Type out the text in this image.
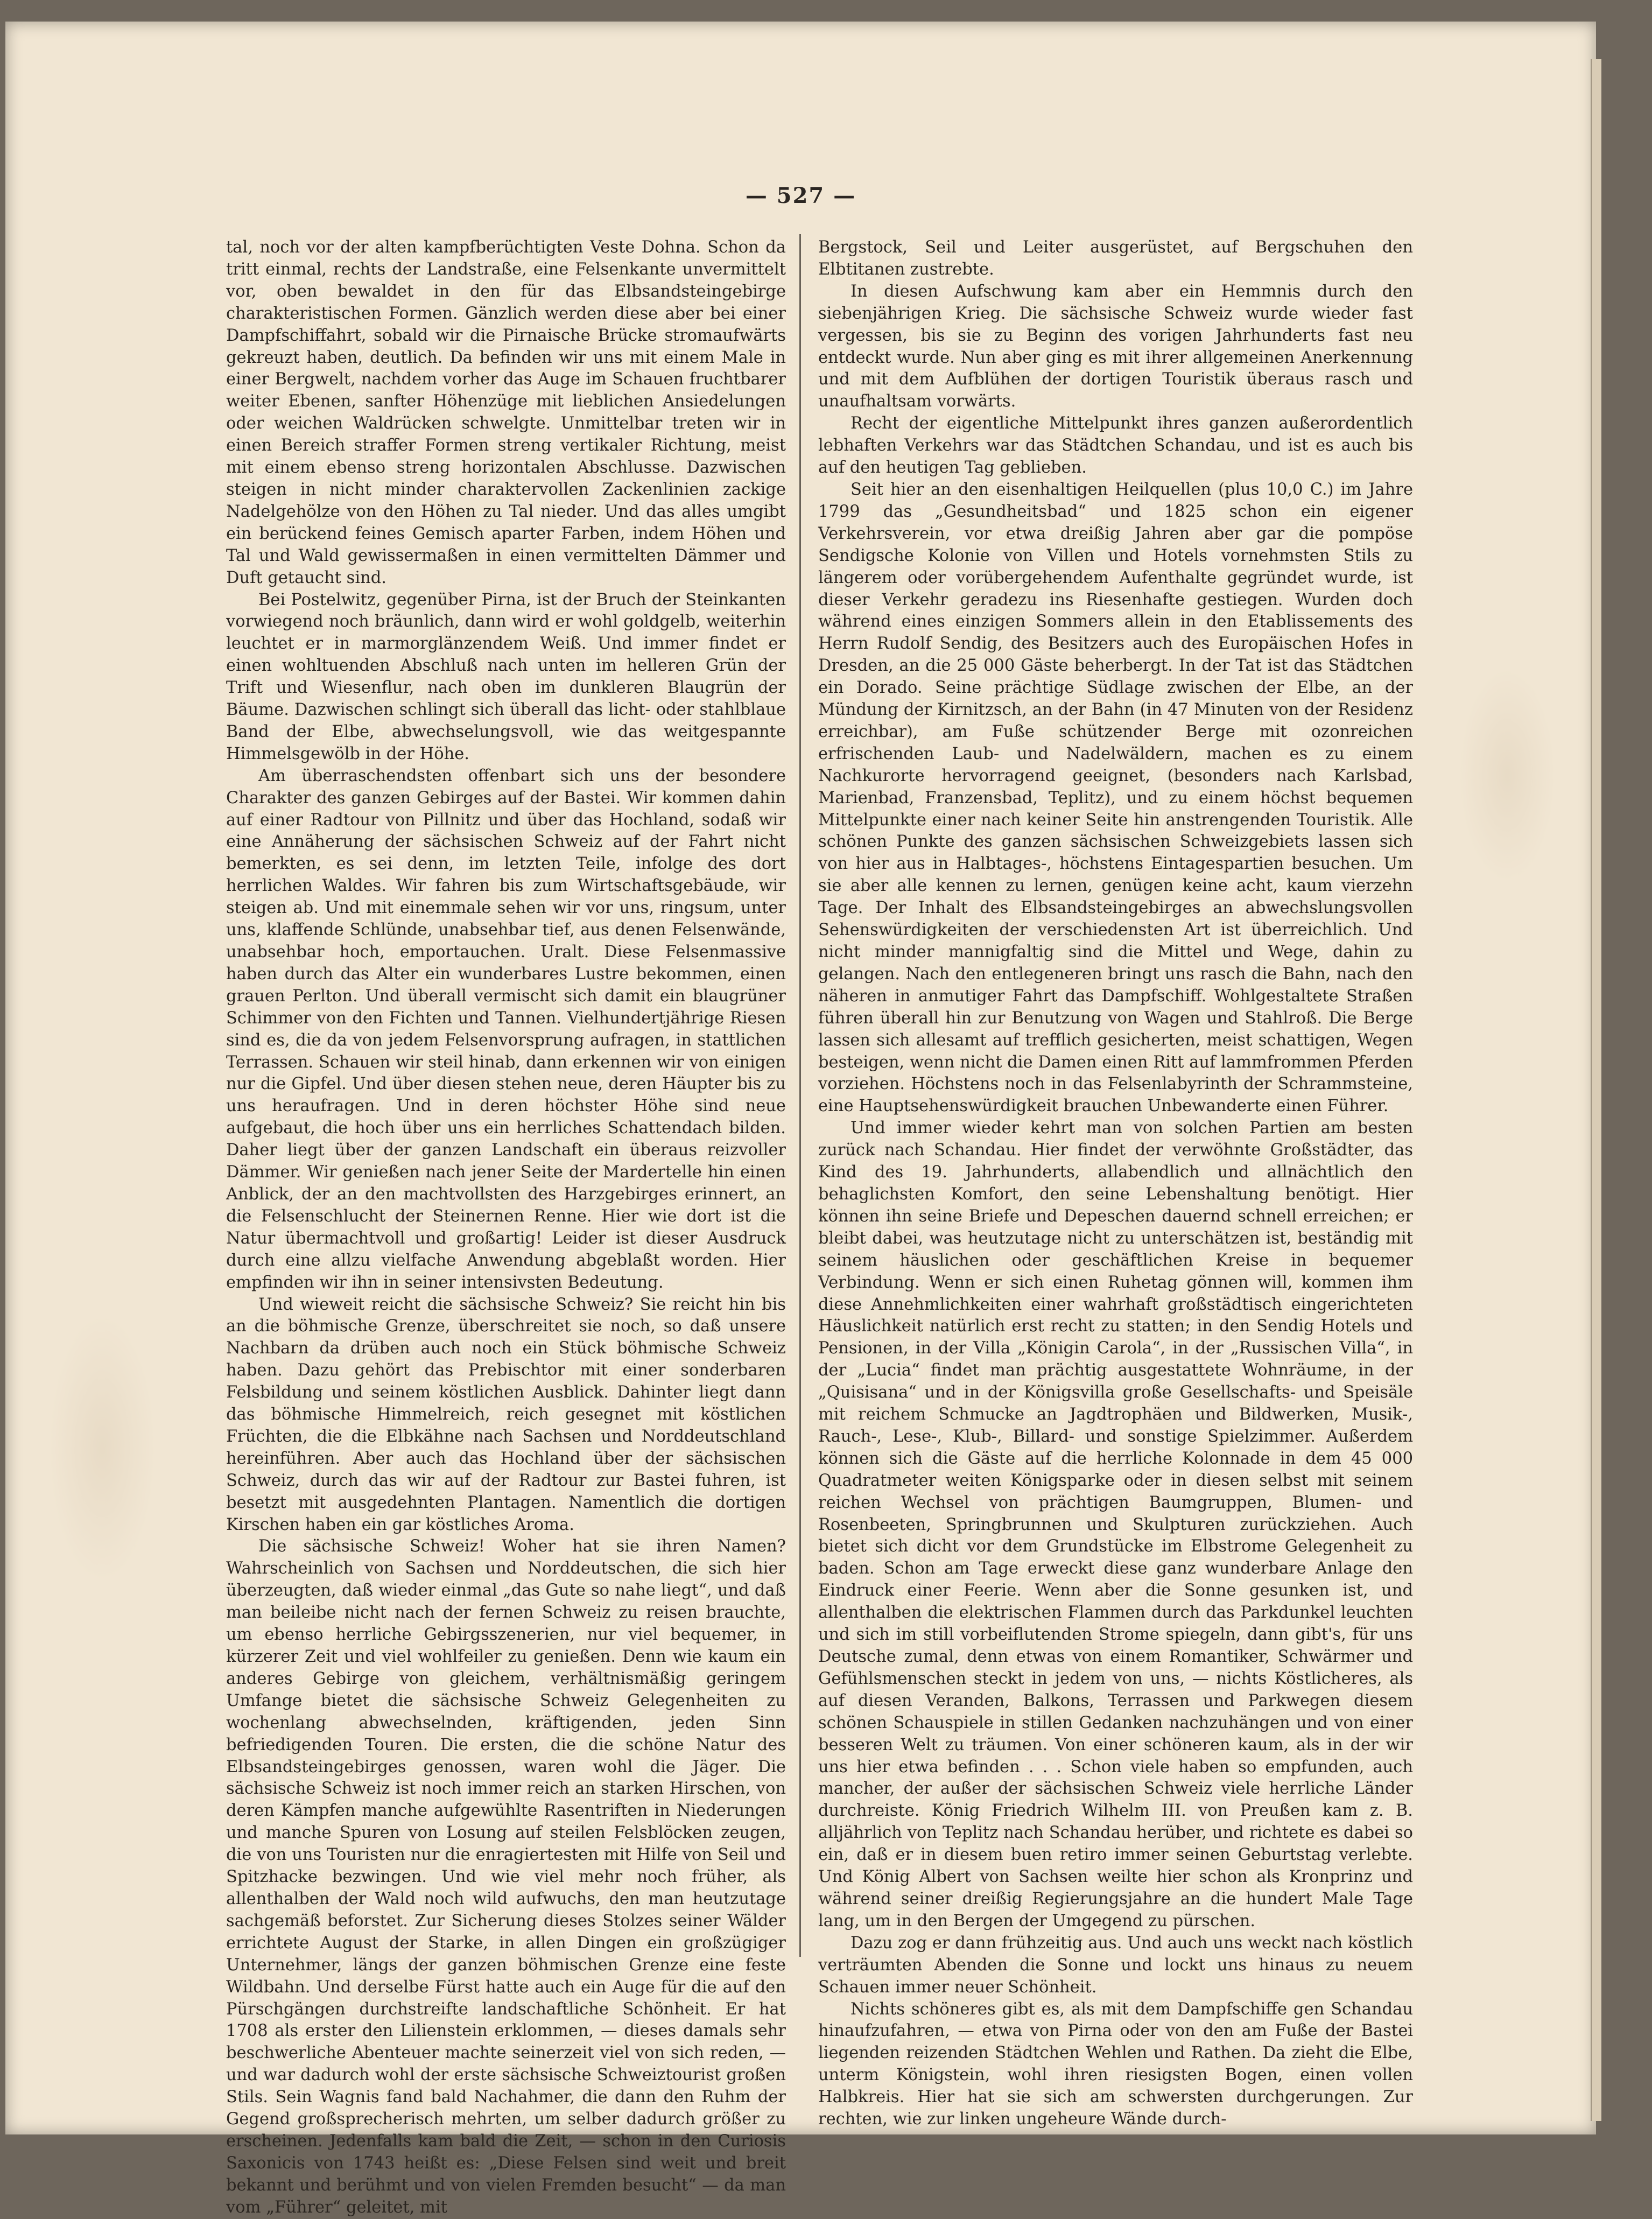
— 527 —

tal, noch vor der alten kampfberüchtigten Veste Dohna. Schon da tritt einmal, rechts der Landstraße, eine Felsenkante unvermittelt vor, oben bewaldet in den für das Elbsandsteingebirge charakteristischen Formen. Gänzlich werden diese aber bei einer Dampfschiffahrt, sobald wir die Pirnaische Brücke stromaufwärts gekreuzt haben, deutlich. Da befinden wir uns mit einem Male in einer Bergwelt, nachdem vorher das Auge im Schauen fruchtbarer weiter Ebenen, sanfter Höhenzüge mit lieblichen Ansiedelungen oder weichen Waldrücken schwelgte. Unmittelbar treten wir in einen Bereich straffer Formen streng vertikaler Richtung, meist mit einem ebenso streng horizontalen Abschlusse. Dazwischen steigen in nicht minder charaktervollen Zackenlinien zackige Nadelgehölze von den Höhen zu Tal nieder. Und das alles umgibt ein berückend feines Gemisch aparter Farben, indem Höhen und Tal und Wald gewissermaßen in einen vermittelten Dämmer und Duft getaucht sind.

Bei Postelwitz, gegenüber Pirna, ist der Bruch der Steinkanten vorwiegend noch bräunlich, dann wird er wohl goldgelb, weiterhin leuchtet er in marmorglänzendem Weiß. Und immer findet er einen wohltuenden Abschluß nach unten im helleren Grün der Trift und Wiesenflur, nach oben im dunkleren Blaugrün der Bäume. Dazwischen schlingt sich überall das licht- oder stahlblaue Band der Elbe, abwechselungsvoll, wie das weitgespannte Himmelsgewölb in der Höhe.

Am überraschendsten offenbart sich uns der besondere Charakter des ganzen Gebirges auf der Bastei. Wir kommen dahin auf einer Radtour von Pillnitz und über das Hochland, sodaß wir eine Annäherung der sächsischen Schweiz auf der Fahrt nicht bemerkten, es sei denn, im letzten Teile, infolge des dort herrlichen Waldes. Wir fahren bis zum Wirtschaftsgebäude, wir steigen ab. Und mit einemmale sehen wir vor uns, ringsum, unter uns, klaffende Schlünde, unabsehbar tief, aus denen Felsenwände, unabsehbar hoch, emportauchen. Uralt. Diese Felsenmassive haben durch das Alter ein wunderbares Lustre bekommen, einen grauen Perlton. Und überall vermischt sich damit ein blaugrüner Schimmer von den Fichten und Tannen. Vielhundertjährige Riesen sind es, die da von jedem Felsenvorsprung aufragen, in stattlichen Terrassen. Schauen wir steil hinab, dann erkennen wir von einigen nur die Gipfel. Und über diesen stehen neue, deren Häupter bis zu uns heraufragen. Und in deren höchster Höhe sind neue aufgebaut, die hoch über uns ein herrliches Schattendach bilden. Daher liegt über der ganzen Landschaft ein überaus reizvoller Dämmer. Wir genießen nach jener Seite der Mardertelle hin einen Anblick, der an den machtvollsten des Harzgebirges erinnert, an die Felsenschlucht der Steinernen Renne. Hier wie dort ist die Natur übermachtvoll und großartig! Leider ist dieser Ausdruck durch eine allzu vielfache Anwendung abgeblaßt worden. Hier empfinden wir ihn in seiner intensivsten Bedeutung.

Und wieweit reicht die sächsische Schweiz? Sie reicht hin bis an die böhmische Grenze, überschreitet sie noch, so daß unsere Nachbarn da drüben auch noch ein Stück böhmische Schweiz haben. Dazu gehört das Prebischtor mit einer sonderbaren Felsbildung und seinem köstlichen Ausblick. Dahinter liegt dann das böhmische Himmelreich, reich gesegnet mit köstlichen Früchten, die die Elbkähne nach Sachsen und Norddeutschland hereinführen. Aber auch das Hochland über der sächsischen Schweiz, durch das wir auf der Radtour zur Bastei fuhren, ist besetzt mit ausgedehnten Plantagen. Namentlich die dortigen Kirschen haben ein gar köstliches Aroma.

Die sächsische Schweiz! Woher hat sie ihren Namen? Wahrscheinlich von Sachsen und Norddeutschen, die sich hier überzeugten, daß wieder einmal „das Gute so nahe liegt“, und daß man beileibe nicht nach der fernen Schweiz zu reisen brauchte, um ebenso herrliche Gebirgsszenerien, nur viel bequemer, in kürzerer Zeit und viel wohlfeiler zu genießen. Denn wie kaum ein anderes Gebirge von gleichem, verhältnismäßig geringem Umfange bietet die sächsische Schweiz Gelegenheiten zu wochenlang abwechselnden, kräftigenden, jeden Sinn befriedigenden Touren. Die ersten, die die schöne Natur des Elbsandsteingebirges genossen, waren wohl die Jäger. Die sächsische Schweiz ist noch immer reich an starken Hirschen, von deren Kämpfen manche aufgewühlte Rasentriften in Niederungen und manche Spuren von Losung auf steilen Felsblöcken zeugen, die von uns Touristen nur die enragiertesten mit Hilfe von Seil und Spitzhacke bezwingen. Und wie viel mehr noch früher, als allenthalben der Wald noch wild aufwuchs, den man heutzutage sachgemäß beforstet. Zur Sicherung dieses Stolzes seiner Wälder errichtete August der Starke, in allen Dingen ein großzügiger Unternehmer, längs der ganzen böhmischen Grenze eine feste Wildbahn. Und derselbe Fürst hatte auch ein Auge für die auf den Pürschgängen durchstreifte landschaftliche Schönheit. Er hat 1708 als erster den Lilienstein erklommen, — dieses damals sehr beschwerliche Abenteuer machte seinerzeit viel von sich reden, — und war dadurch wohl der erste sächsische Schweiztourist großen Stils. Sein Wagnis fand bald Nachahmer, die dann den Ruhm der Gegend großsprecherisch mehrten, um selber dadurch größer zu erscheinen. Jedenfalls kam bald die Zeit, — schon in den Curiosis Saxonicis von 1743 heißt es: „Diese Felsen sind weit und breit bekannt und berühmt und von vielen Fremden besucht“ — da man vom „Führer“ geleitet, mit

Bergstock, Seil und Leiter ausgerüstet, auf Bergschuhen den Elbtitanen zustrebte.

In diesen Aufschwung kam aber ein Hemmnis durch den siebenjährigen Krieg. Die sächsische Schweiz wurde wieder fast vergessen, bis sie zu Beginn des vorigen Jahrhunderts fast neu entdeckt wurde. Nun aber ging es mit ihrer allgemeinen Anerkennung und mit dem Aufblühen der dortigen Touristik überaus rasch und unaufhaltsam vorwärts.

Recht der eigentliche Mittelpunkt ihres ganzen außerordentlich lebhaften Verkehrs war das Städtchen Schandau, und ist es auch bis auf den heutigen Tag geblieben.

Seit hier an den eisenhaltigen Heilquellen (plus 10,0 C.) im Jahre 1799 das „Gesundheitsbad“ und 1825 schon ein eigener Verkehrsverein, vor etwa dreißig Jahren aber gar die pompöse Sendigsche Kolonie von Villen und Hotels vornehmsten Stils zu längerem oder vorübergehendem Aufenthalte gegründet wurde, ist dieser Verkehr geradezu ins Riesenhafte gestiegen. Wurden doch während eines einzigen Sommers allein in den Etablissements des Herrn Rudolf Sendig, des Besitzers auch des Europäischen Hofes in Dresden, an die 25 000 Gäste beherbergt. In der Tat ist das Städtchen ein Dorado. Seine prächtige Südlage zwischen der Elbe, an der Mündung der Kirnitzsch, an der Bahn (in 47 Minuten von der Residenz erreichbar), am Fuße schützender Berge mit ozonreichen erfrischenden Laub- und Nadelwäldern, machen es zu einem Nachkurorte hervorragend geeignet, (besonders nach Karlsbad, Marienbad, Franzensbad, Teplitz), und zu einem höchst bequemen Mittelpunkte einer nach keiner Seite hin anstrengenden Touristik. Alle schönen Punkte des ganzen sächsischen Schweizgebiets lassen sich von hier aus in Halbtages-, höchstens Eintagespartien besuchen. Um sie aber alle kennen zu lernen, genügen keine acht, kaum vierzehn Tage. Der Inhalt des Elbsandsteingebirges an abwechslungsvollen Sehenswürdigkeiten der verschiedensten Art ist überreichlich. Und nicht minder mannigfaltig sind die Mittel und Wege, dahin zu gelangen. Nach den entlegeneren bringt uns rasch die Bahn, nach den näheren in anmutiger Fahrt das Dampfschiff. Wohlgestaltete Straßen führen überall hin zur Benutzung von Wagen und Stahlroß. Die Berge lassen sich allesamt auf trefflich gesicherten, meist schattigen, Wegen besteigen, wenn nicht die Damen einen Ritt auf lammfrommen Pferden vorziehen. Höchstens noch in das Felsenlabyrinth der Schrammsteine, eine Hauptsehenswürdigkeit brauchen Unbewanderte einen Führer.

Und immer wieder kehrt man von solchen Partien am besten zurück nach Schandau. Hier findet der verwöhnte Großstädter, das Kind des 19. Jahrhunderts, allabendlich und allnächtlich den behaglichsten Komfort, den seine Lebenshaltung benötigt. Hier können ihn seine Briefe und Depeschen dauernd schnell erreichen; er bleibt dabei, was heutzutage nicht zu unterschätzen ist, beständig mit seinem häuslichen oder geschäftlichen Kreise in bequemer Verbindung. Wenn er sich einen Ruhetag gönnen will, kommen ihm diese Annehmlichkeiten einer wahrhaft großstädtisch eingerichteten Häuslichkeit natürlich erst recht zu statten; in den Sendig Hotels und Pensionen, in der Villa „Königin Carola“, in der „Russischen Villa“, in der „Lucia“ findet man prächtig ausgestattete Wohnräume, in der „Quisisana“ und in der Königsvilla große Gesellschafts- und Speisäle mit reichem Schmucke an Jagdtrophäen und Bildwerken, Musik-, Rauch-, Lese-, Klub-, Billard- und sonstige Spielzimmer. Außerdem können sich die Gäste auf die herrliche Kolonnade in dem 45 000 Quadratmeter weiten Königsparke oder in diesen selbst mit seinem reichen Wechsel von prächtigen Baumgruppen, Blumen- und Rosenbeeten, Springbrunnen und Skulpturen zurückziehen. Auch bietet sich dicht vor dem Grundstücke im Elbstrome Gelegenheit zu baden. Schon am Tage erweckt diese ganz wunderbare Anlage den Eindruck einer Feerie. Wenn aber die Sonne gesunken ist, und allenthalben die elektrischen Flammen durch das Parkdunkel leuchten und sich im still vorbeiflutenden Strome spiegeln, dann gibt's, für uns Deutsche zumal, denn etwas von einem Romantiker, Schwärmer und Gefühlsmenschen steckt in jedem von uns, — nichts Köstlicheres, als auf diesen Veranden, Balkons, Terrassen und Parkwegen diesem schönen Schauspiele in stillen Gedanken nachzuhängen und von einer besseren Welt zu träumen. Von einer schöneren kaum, als in der wir uns hier etwa befinden . . . Schon viele haben so empfunden, auch mancher, der außer der sächsischen Schweiz viele herrliche Länder durchreiste. König Friedrich Wilhelm III. von Preußen kam z. B. alljährlich von Teplitz nach Schandau herüber, und richtete es dabei so ein, daß er in diesem buen retiro immer seinen Geburtstag verlebte. Und König Albert von Sachsen weilte hier schon als Kronprinz und während seiner dreißig Regierungsjahre an die hundert Male Tage lang, um in den Bergen der Umgegend zu pürschen.

Dazu zog er dann frühzeitig aus. Und auch uns weckt nach köstlich verträumten Abenden die Sonne und lockt uns hinaus zu neuem Schauen immer neuer Schönheit.

Nichts schöneres gibt es, als mit dem Dampfschiffe gen Schandau hinaufzufahren, — etwa von Pirna oder von den am Fuße der Bastei liegenden reizenden Städtchen Wehlen und Rathen. Da zieht die Elbe, unterm Königstein, wohl ihren riesigsten Bogen, einen vollen Halbkreis. Hier hat sie sich am schwersten durchgerungen. Zur rechten, wie zur linken ungeheure Wände durch-
